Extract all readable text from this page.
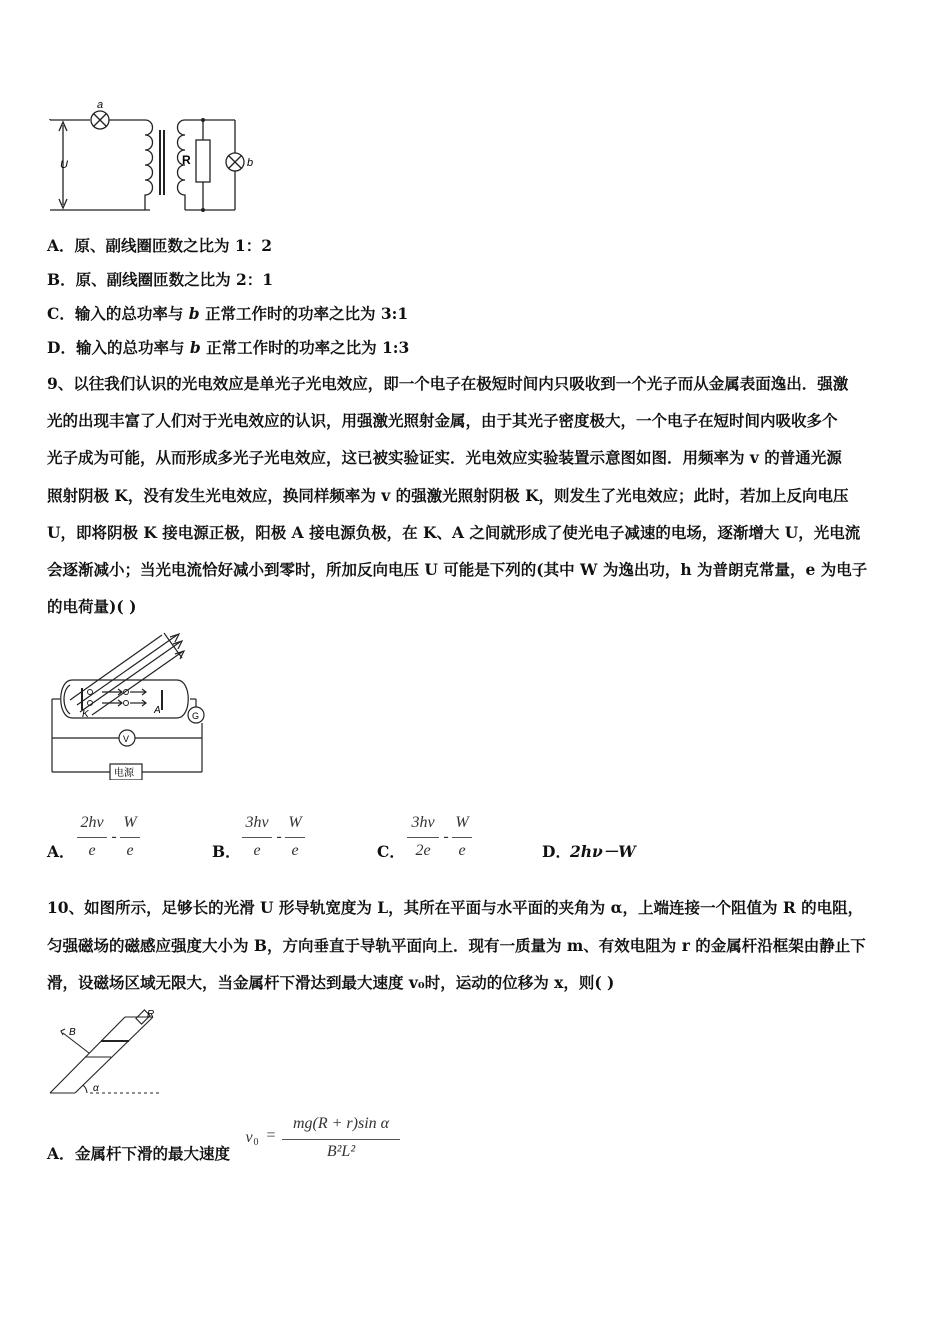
a
U	R	b
A．原、副线圈匝数之比为 1：2
B．原、副线圈匝数之比为 2：1
C．输入的总功率与 b 正常工作时的功率之比为 3:1
D．输入的总功率与 b 正常工作时的功率之比为 1:3
9、以往我们认识的光电效应是单光子光电效应，即一个电子在极短时间内只吸收到一个光子而从金属表面逸出．强激
光的出现丰富了人们对于光电效应的认识，用强激光照射金属，由于其光子密度极大，一个电子在短时间内吸收多个
光子成为可能，从而形成多光子光电效应，这已被实验证实．光电效应实验装置示意图如图．用频率为 v 的普通光源
照射阴极 K，没有发生光电效应，换同样频率为 v 的强激光照射阴极 K，则发生了光电效应；此时，若加上反向电压
U，即将阴极 K 接电源正极，阳极 A 接电源负极，在 K、A 之间就形成了使光电子减速的电场，逐渐增大 U，光电流
会逐渐减小；当光电流恰好减小到零时，所加反向电压 U 可能是下列的(其中 W 为逸出功，h 为普朗克常量，e 为电子
的电荷量)( )
K	A	G
V
电源
A．
2hν
e
-
W
e	B．
3hν
e
-
W
e	C．
3hν
2e
-
W
e	D． 2hν－W
10、如图所示，足够长的光滑 U 形导轨宽度为 L，其所在平面与水平面的夹角为 α，上端连接一个阻值为 R 的电阻，
匀强磁场的磁感应强度大小为 B，方向垂直于导轨平面向上．现有一质量为 m、有效电阻为 r 的金属杆沿框架由静止下
滑，设磁场区域无限大，当金属杆下滑达到最大速度 v₀时，运动的位移为 x，则( )
B
R
α
A． 金属杆下滑的最大速度
v 0 =
mg(R + r)sin α
B²L²
